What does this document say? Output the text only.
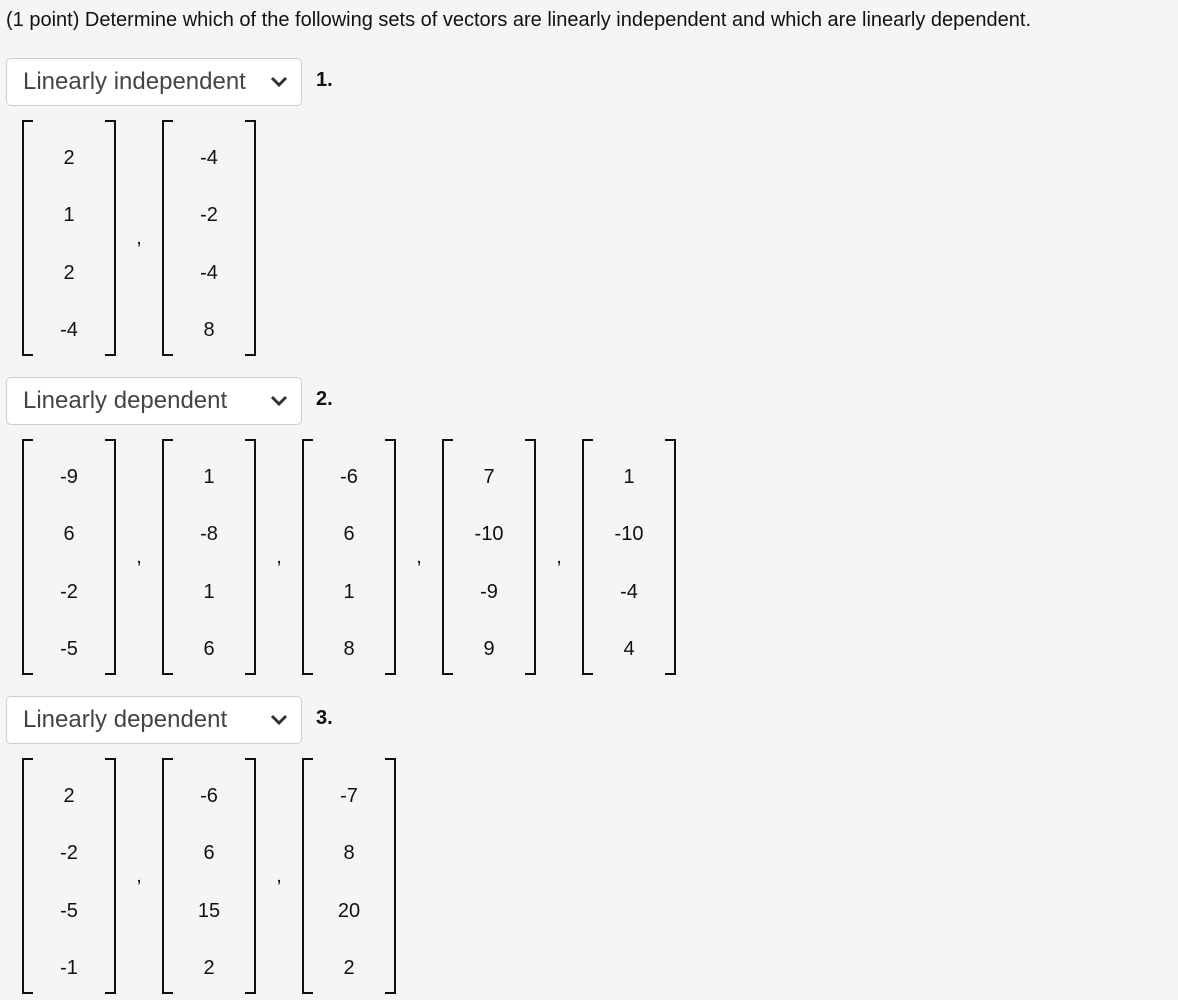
(1 point) Determine which of the following sets of vectors are linearly independent and which are linearly dependent.
Linearly independent	1.
2
1
2
-4
,
-4
-2
-4
8
Linearly dependent	2.
-9
6
-2
-5
,
1
-8
1
6
,
-6
6
1
8
,
7
-10
-9
9
,
1
-10
-4
4
Linearly dependent	3.
2
-2
-5
-1
,
-6
6
15
2
,
-7
8
20
2
